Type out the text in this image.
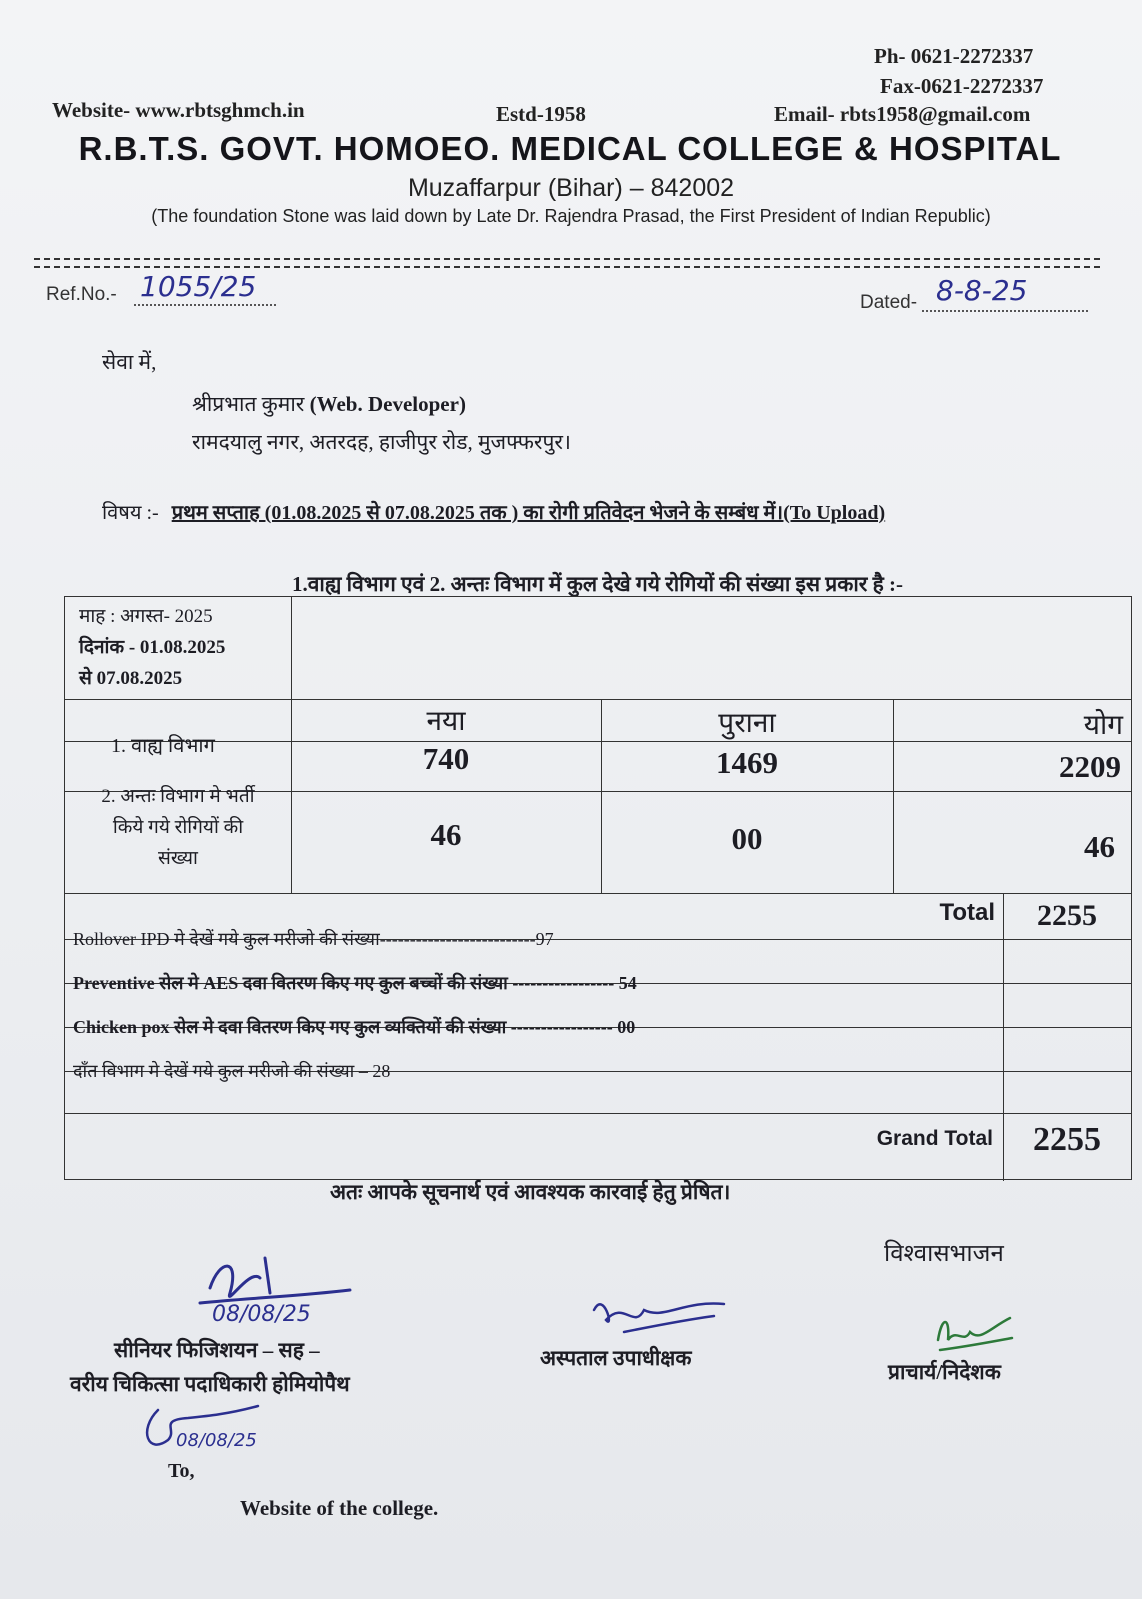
Ph- 0621-2272337
Fax-0621-2272337
Website- www.rbtsghmch.in	Estd-1958	Email- rbts1958@gmail.com
R.B.T.S. GOVT. HOMOEO. MEDICAL COLLEGE & HOSPITAL
Muzaffarpur (Bihar) – 842002
(The foundation Stone was laid down by Late Dr. Rajendra Prasad, the First President of Indian Republic)
Ref.No.- 1055/25	Dated- 8-8-25
सेवा में,
श्रीप्रभात कुमार (Web. Developer)
रामदयालु नगर, अतरदह, हाजीपुर रोड, मुजफ्फरपुर।
विषय :- प्रथम सप्ताह (01.08.2025 से 07.08.2025 तक ) का रोगी प्रतिवेदन भेजने के सम्बंध में।(To Upload)
1.वाह्य विभाग एवं 2. अन्तः विभाग में कुल देखे गये रोगियों की संख्या इस प्रकार है :-
माह : अगस्त- 2025
दिनांक - 01.08.2025
से 07.08.2025
नया	पुराना	योग
1. वाह्य विभाग	740	1469	2209
2. अन्तः विभाग मे भर्ती
किये गये रोगियों की
संख्या
46	00	46
Total	2255
Rollover IPD मे देखें गये कुल मरीजो की संख्या--------------------------97
Preventive सेल मे AES दवा वितरण किए गए कुल बच्चों की संख्या ----------------- 54
Chicken pox सेल मे दवा वितरण किए गए कुल व्यक्तियों की संख्या ----------------- 00
दाँत विभाग मे देखें गये कुल मरीजो की संख्या – 28
Grand Total	2255
अतः आपके सूचनार्थ एवं आवश्यक कारवाई हेतु प्रेषित।
विश्वासभाजन
08/08/25
सीनियर फिजिशयन – सह –
वरीय चिकित्सा पदाधिकारी होमियोपैथ
अस्पताल उपाधीक्षक
प्राचार्य/निदेशक
08/08/25
To,
Website of the college.
